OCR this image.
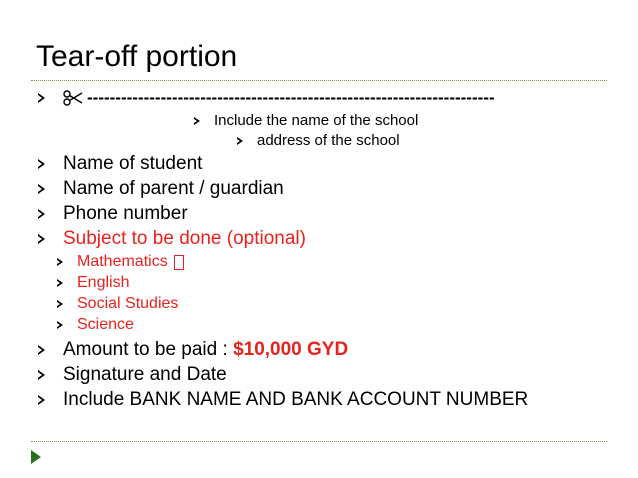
Tear-off portion
------------------------------------------------------------------------
Include the name of the school
address of the school
Name of student
Name of parent / guardian
Phone number
Subject to be done (optional)
Mathematics
English
Social Studies
Science
Amount to be paid : $10,000 GYD
Signature and Date
Include BANK NAME AND BANK ACCOUNT NUMBER
